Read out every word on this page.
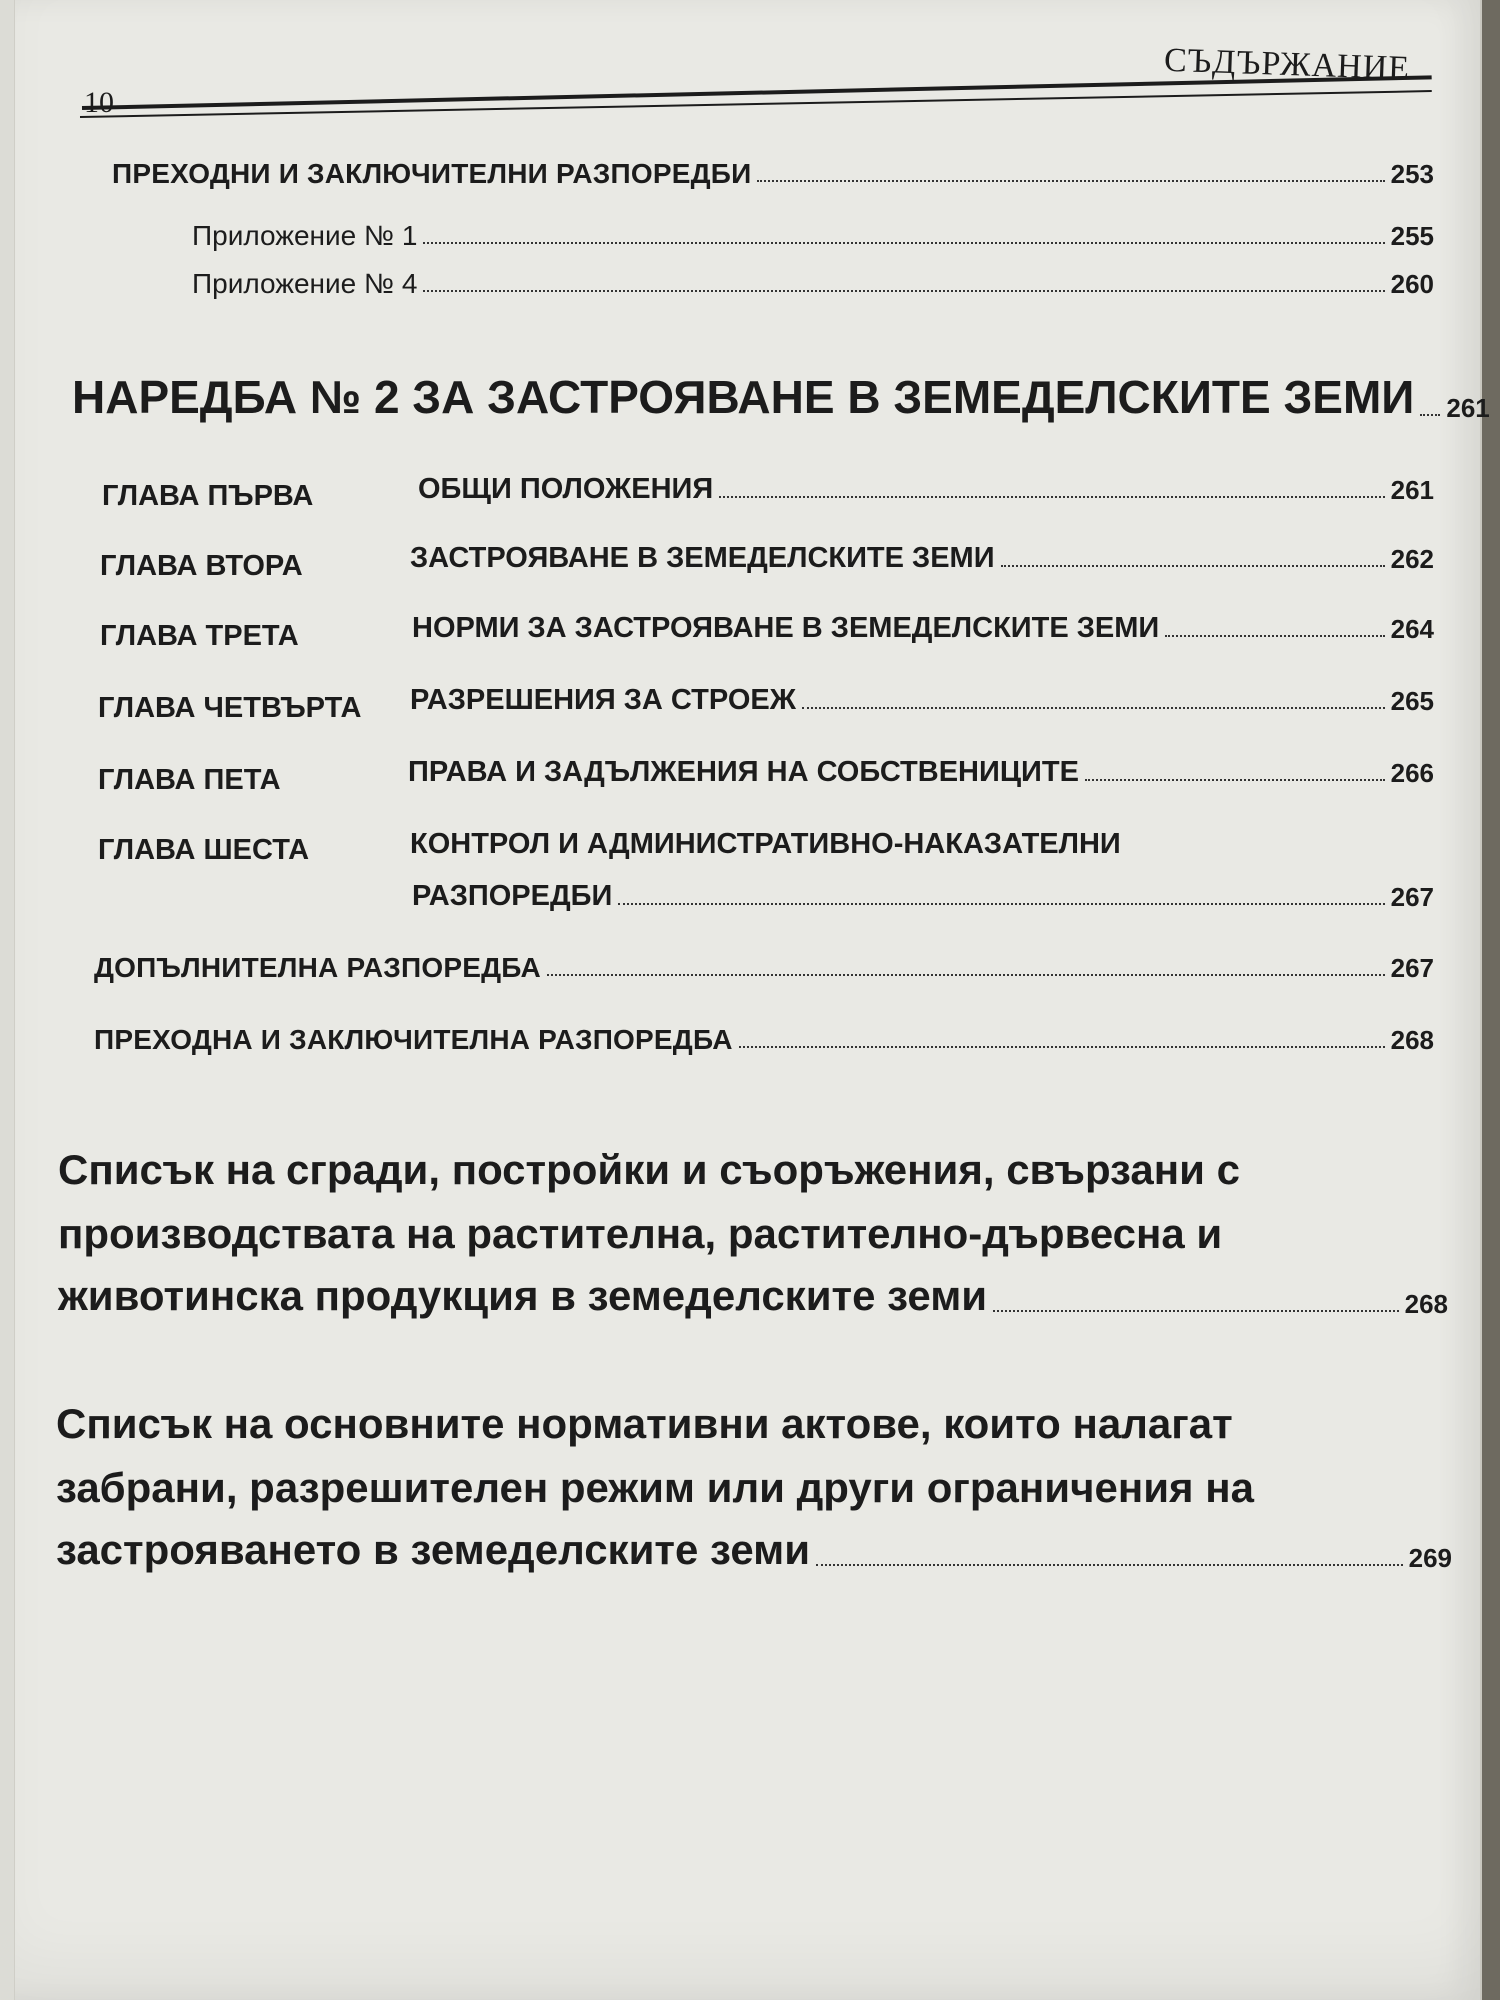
10
СЪДЪРЖАНИЕ
ПРЕХОДНИ И ЗАКЛЮЧИТЕЛНИ РАЗПОРЕДБИ	253
Приложение № 1	255
Приложение № 4	260
НАРЕДБА № 2 ЗА ЗАСТРОЯВАНЕ В ЗЕМЕДЕЛСКИТЕ ЗЕМИ 261
ГЛАВА ПЪРВА	ОБЩИ ПОЛОЖЕНИЯ	261
ГЛАВА ВТОРА	ЗАСТРОЯВАНЕ В ЗЕМЕДЕЛСКИТЕ ЗЕМИ	262
ГЛАВА ТРЕТА	НОРМИ ЗА ЗАСТРОЯВАНЕ В ЗЕМЕДЕЛСКИТЕ ЗЕМИ	264
ГЛАВА ЧЕТВЪРТА РАЗРЕШЕНИЯ ЗА СТРОЕЖ	265
ГЛАВА ПЕТА	ПРАВА И ЗАДЪЛЖЕНИЯ НА СОБСТВЕНИЦИТЕ	266
ГЛАВА ШЕСТА	КОНТРОЛ И АДМИНИСТРАТИВНО-НАКАЗАТЕЛНИ
РАЗПОРЕДБИ	267
ДОПЪЛНИТЕЛНА РАЗПОРЕДБА	267
ПРЕХОДНА И ЗАКЛЮЧИТЕЛНА РАЗПОРЕДБА	268
Списък на сгради, постройки и съоръжения, свързани с
производствата на растителна, растително-дървесна и
животинска продукция в земеделските земи	268
Списък на основните нормативни актове, които налагат
забрани, разрешителен режим или други ограничения на
застрояването в земеделските земи	269
